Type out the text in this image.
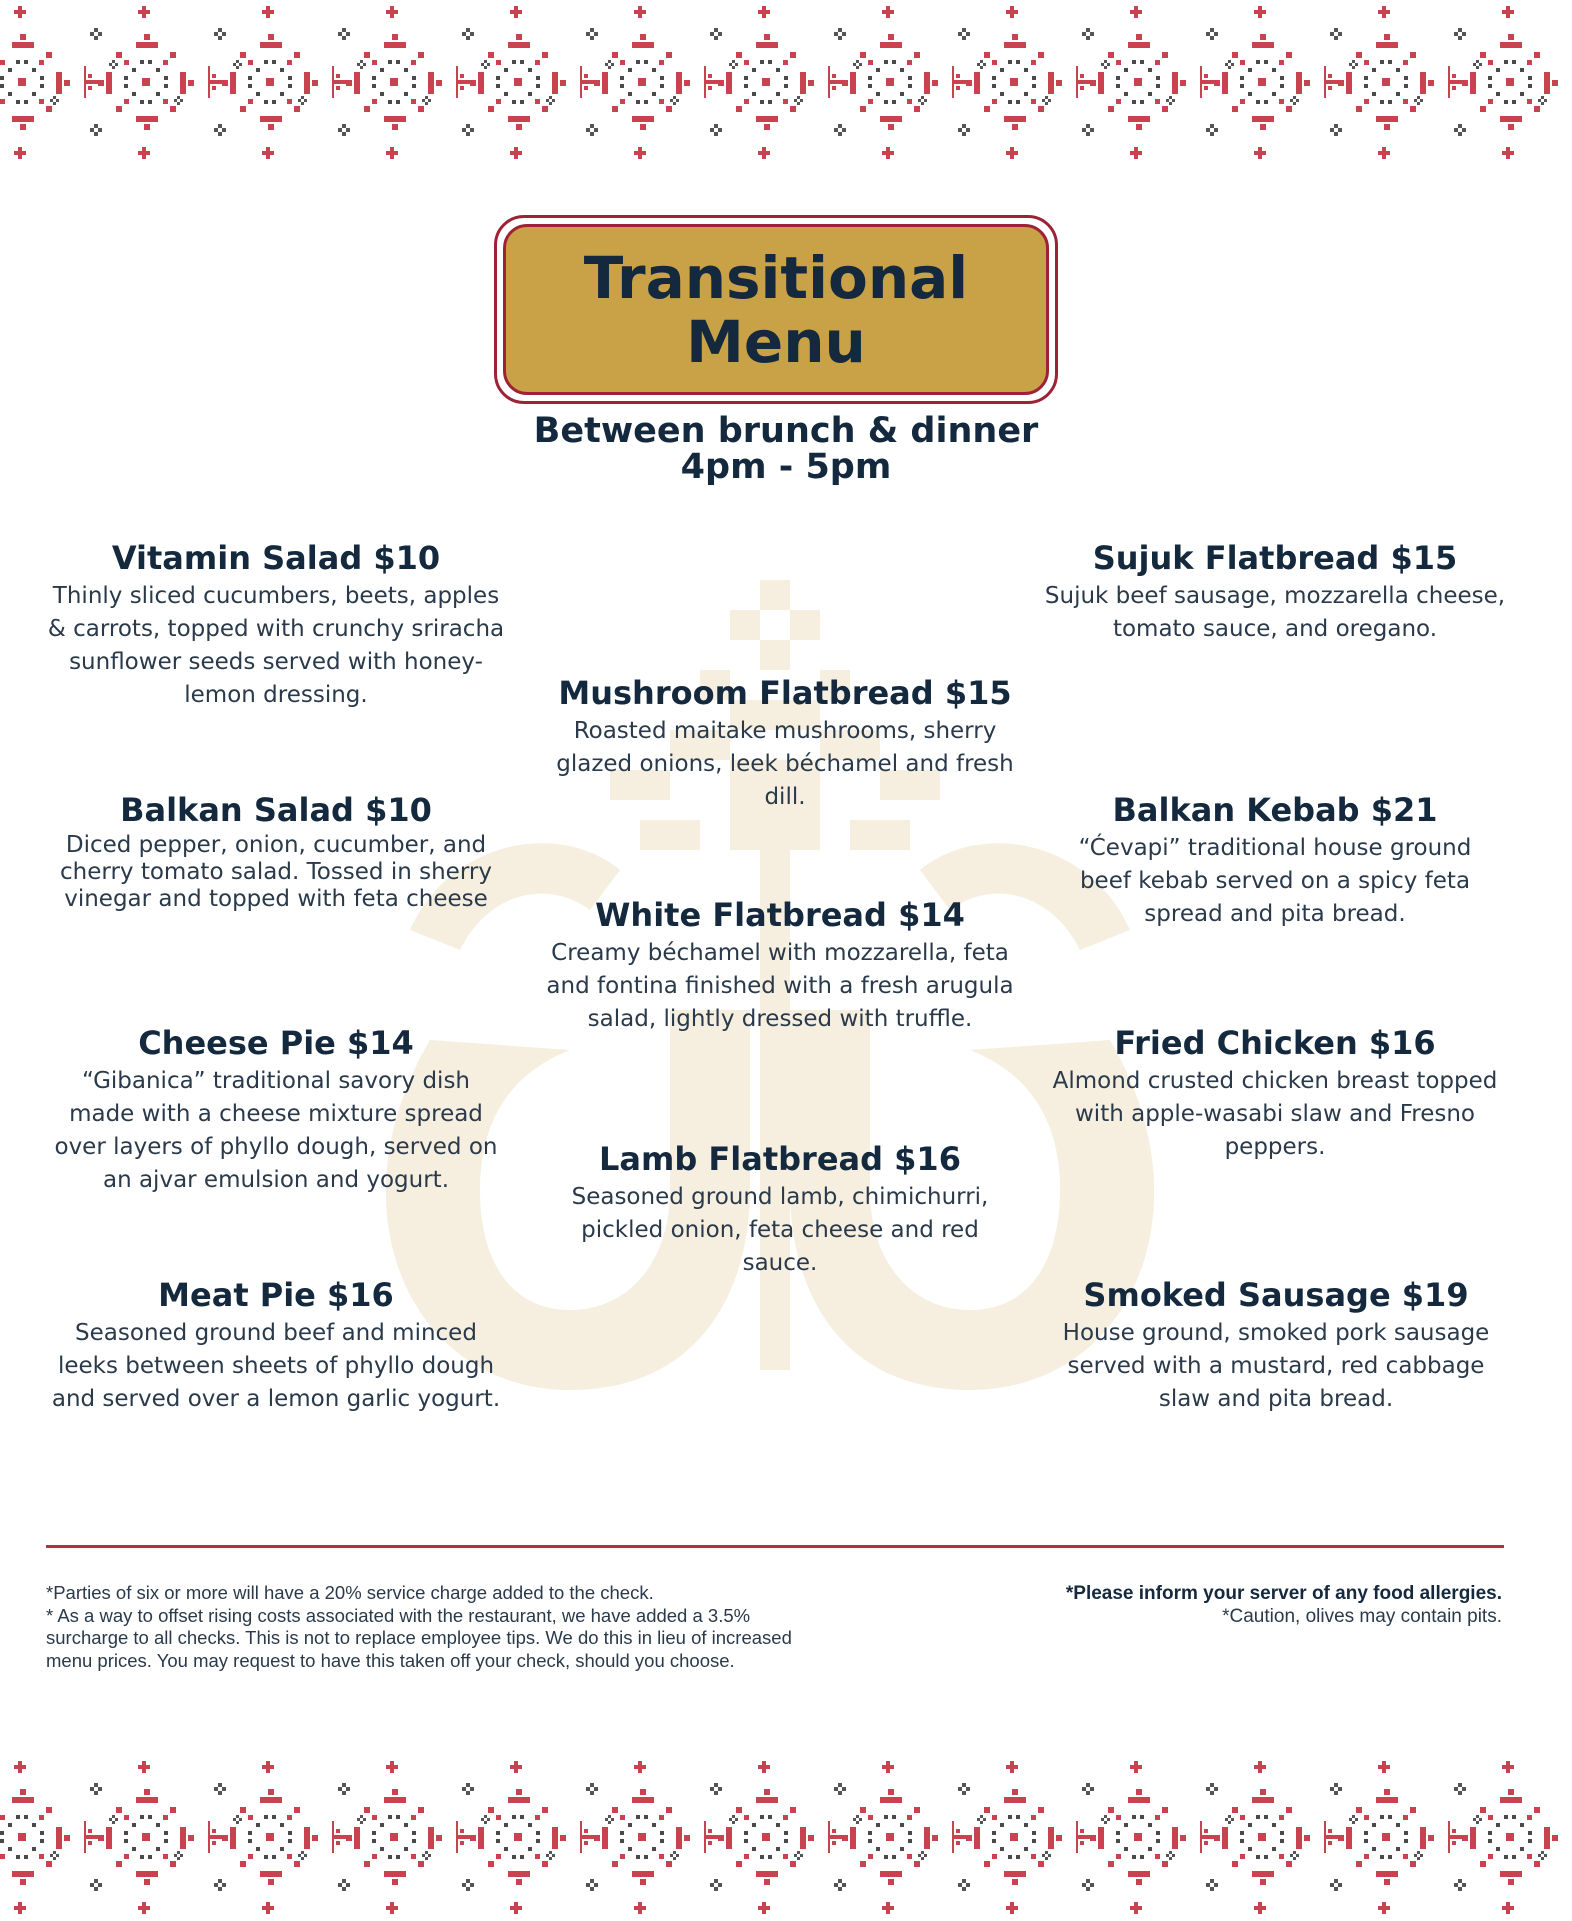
Transitional
Menu
Between brunch & dinner
4pm - 5pm
Vitamin Salad $10
Thinly sliced cucumbers, beets, apples & carrots, topped with crunchy sriracha sunflower seeds served with honey-lemon dressing.
Balkan Salad $10
Diced pepper, onion, cucumber, and cherry tomato salad. Tossed in sherry vinegar and topped with feta cheese
Cheese Pie $14
“Gibanica” traditional savory dish made with a cheese mixture spread over layers of phyllo dough, served on an ajvar emulsion and yogurt.
Meat Pie $16
Seasoned ground beef and minced leeks between sheets of phyllo dough and served over a lemon garlic yogurt.
Mushroom Flatbread $15
Roasted maitake mushrooms, sherry glazed onions, leek béchamel and fresh dill.
White Flatbread $14
Creamy béchamel with mozzarella, feta and fontina finished with a fresh arugula salad, lightly dressed with truffle.
Lamb Flatbread $16
Seasoned ground lamb, chimichurri, pickled onion, feta cheese and red sauce.
Sujuk Flatbread $15
Sujuk beef sausage, mozzarella cheese, tomato sauce, and oregano.
Balkan Kebab $21
“Ćevapi” traditional house ground beef kebab served on a spicy feta spread and pita bread.
Fried Chicken $16
Almond crusted chicken breast topped with apple-wasabi slaw and Fresno peppers.
Smoked Sausage $19
House ground, smoked pork sausage served with a mustard, red cabbage slaw and pita bread.

*Parties of six or more will have a 20% service charge added to the check.

* As a way to offset rising costs associated with the restaurant, we have added a 3.5% surcharge to all checks. This is not to replace employee tips. We do this in lieu of increased menu prices. You may request to have this taken off your check, should you choose.

*Please inform your server of any food allergies.

*Caution, olives may contain pits.
